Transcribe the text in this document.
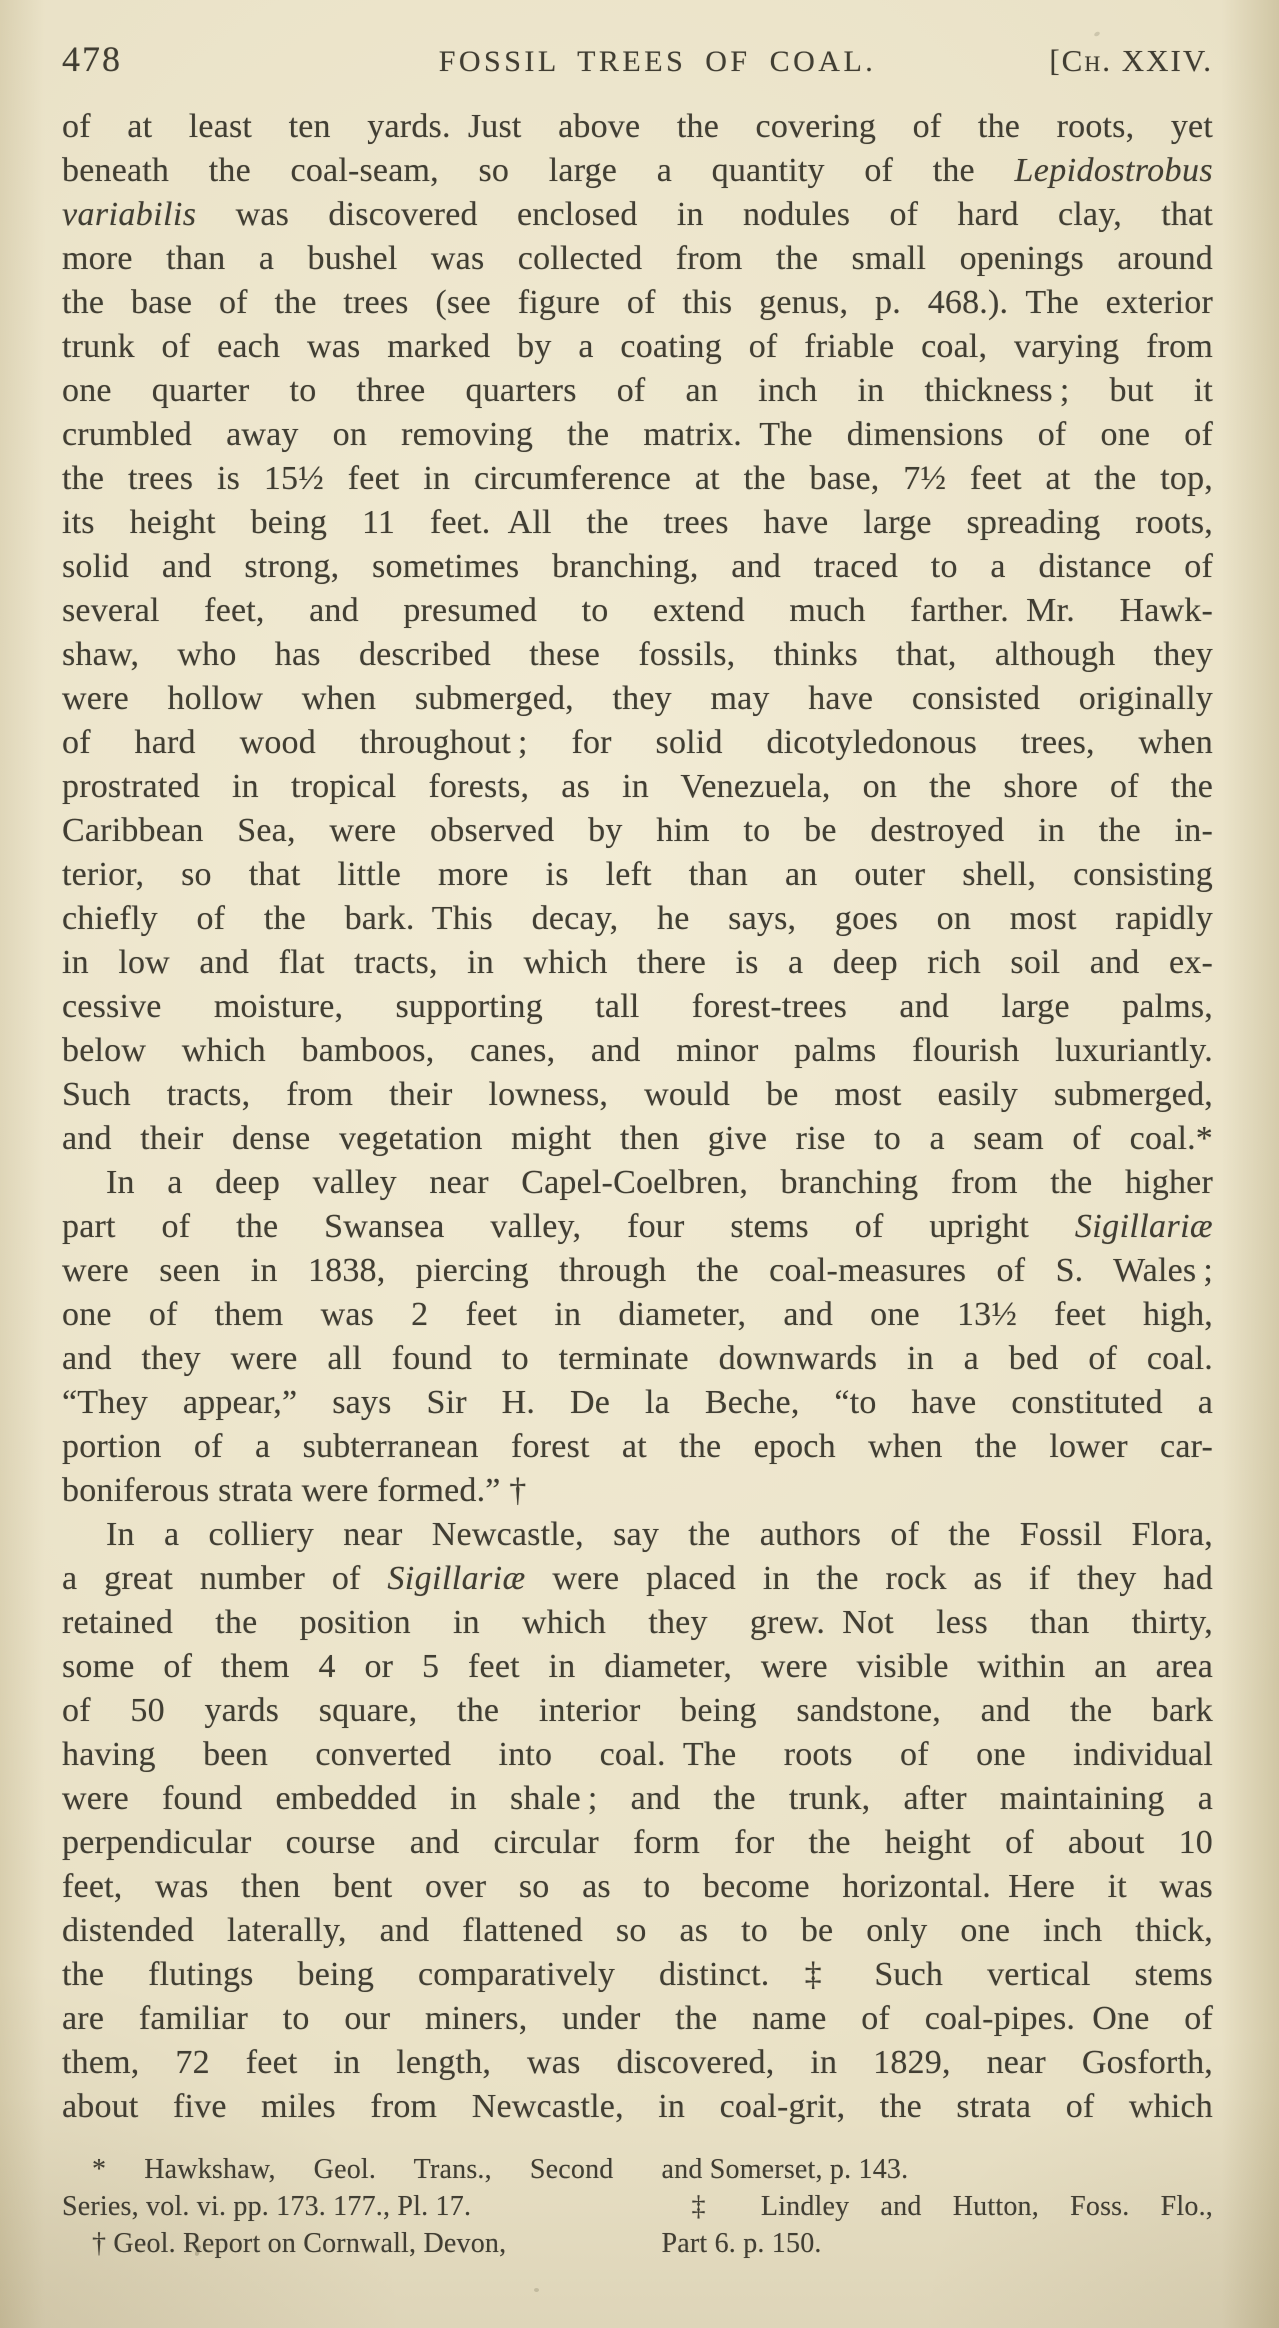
478	FOSSIL TREES OF COAL.	[Ch. XXIV.
of at least ten yards. Just above the covering of the roots, yet
beneath the coal-seam, so large a quantity of the Lepidostrobus
variabilis was discovered enclosed in nodules of hard clay, that
more than a bushel was collected from the small openings around
the base of the trees (see figure of this genus, p. 468.). The exterior
trunk of each was marked by a coating of friable coal, varying from
one quarter to three quarters of an inch in thickness ; but it
crumbled away on removing the matrix. The dimensions of one of
the trees is 15½ feet in circumference at the base, 7½ feet at the top,
its height being 11 feet. All the trees have large spreading roots,
solid and strong, sometimes branching, and traced to a distance of
several feet, and presumed to extend much farther. Mr. Hawk-
shaw, who has described these fossils, thinks that, although they
were hollow when submerged, they may have consisted originally
of hard wood throughout ; for solid dicotyledonous trees, when
prostrated in tropical forests, as in Venezuela, on the shore of the
Caribbean Sea, were observed by him to be destroyed in the in-
terior, so that little more is left than an outer shell, consisting
chiefly of the bark. This decay, he says, goes on most rapidly
in low and flat tracts, in which there is a deep rich soil and ex-
cessive moisture, supporting tall forest-trees and large palms,
below which bamboos, canes, and minor palms flourish luxuriantly.
Such tracts, from their lowness, would be most easily submerged,
and their dense vegetation might then give rise to a seam of coal.*
In a deep valley near Capel-Coelbren, branching from the higher
part of the Swansea valley, four stems of upright Sigillariæ
were seen in 1838, piercing through the coal-measures of S. Wales ;
one of them was 2 feet in diameter, and one 13½ feet high,
and they were all found to terminate downwards in a bed of coal.
“They appear,” says Sir H. De la Beche, “to have constituted a
portion of a subterranean forest at the epoch when the lower car-
boniferous strata were formed.” †
In a colliery near Newcastle, say the authors of the Fossil Flora,
a great number of Sigillariæ were placed in the rock as if they had
retained the position in which they grew. Not less than thirty,
some of them 4 or 5 feet in diameter, were visible within an area
of 50 yards square, the interior being sandstone, and the bark
having been converted into coal. The roots of one individual
were found embedded in shale ; and the trunk, after maintaining a
perpendicular course and circular form for the height of about 10
feet, was then bent over so as to become horizontal. Here it was
distended laterally, and flattened so as to be only one inch thick,
the flutings being comparatively distinct.‡ Such vertical stems
are familiar to our miners, under the name of coal-pipes. One of
them, 72 feet in length, was discovered, in 1829, near Gosforth,
about five miles from Newcastle, in coal-grit, the strata of which
* Hawkshaw, Geol. Trans., Second
Series, vol. vi. pp. 173. 177., Pl. 17.
† Geol. Report on Cornwall, Devon,
and Somerset, p. 143.
‡ Lindley and Hutton, Foss. Flo.,
Part 6. p. 150.
